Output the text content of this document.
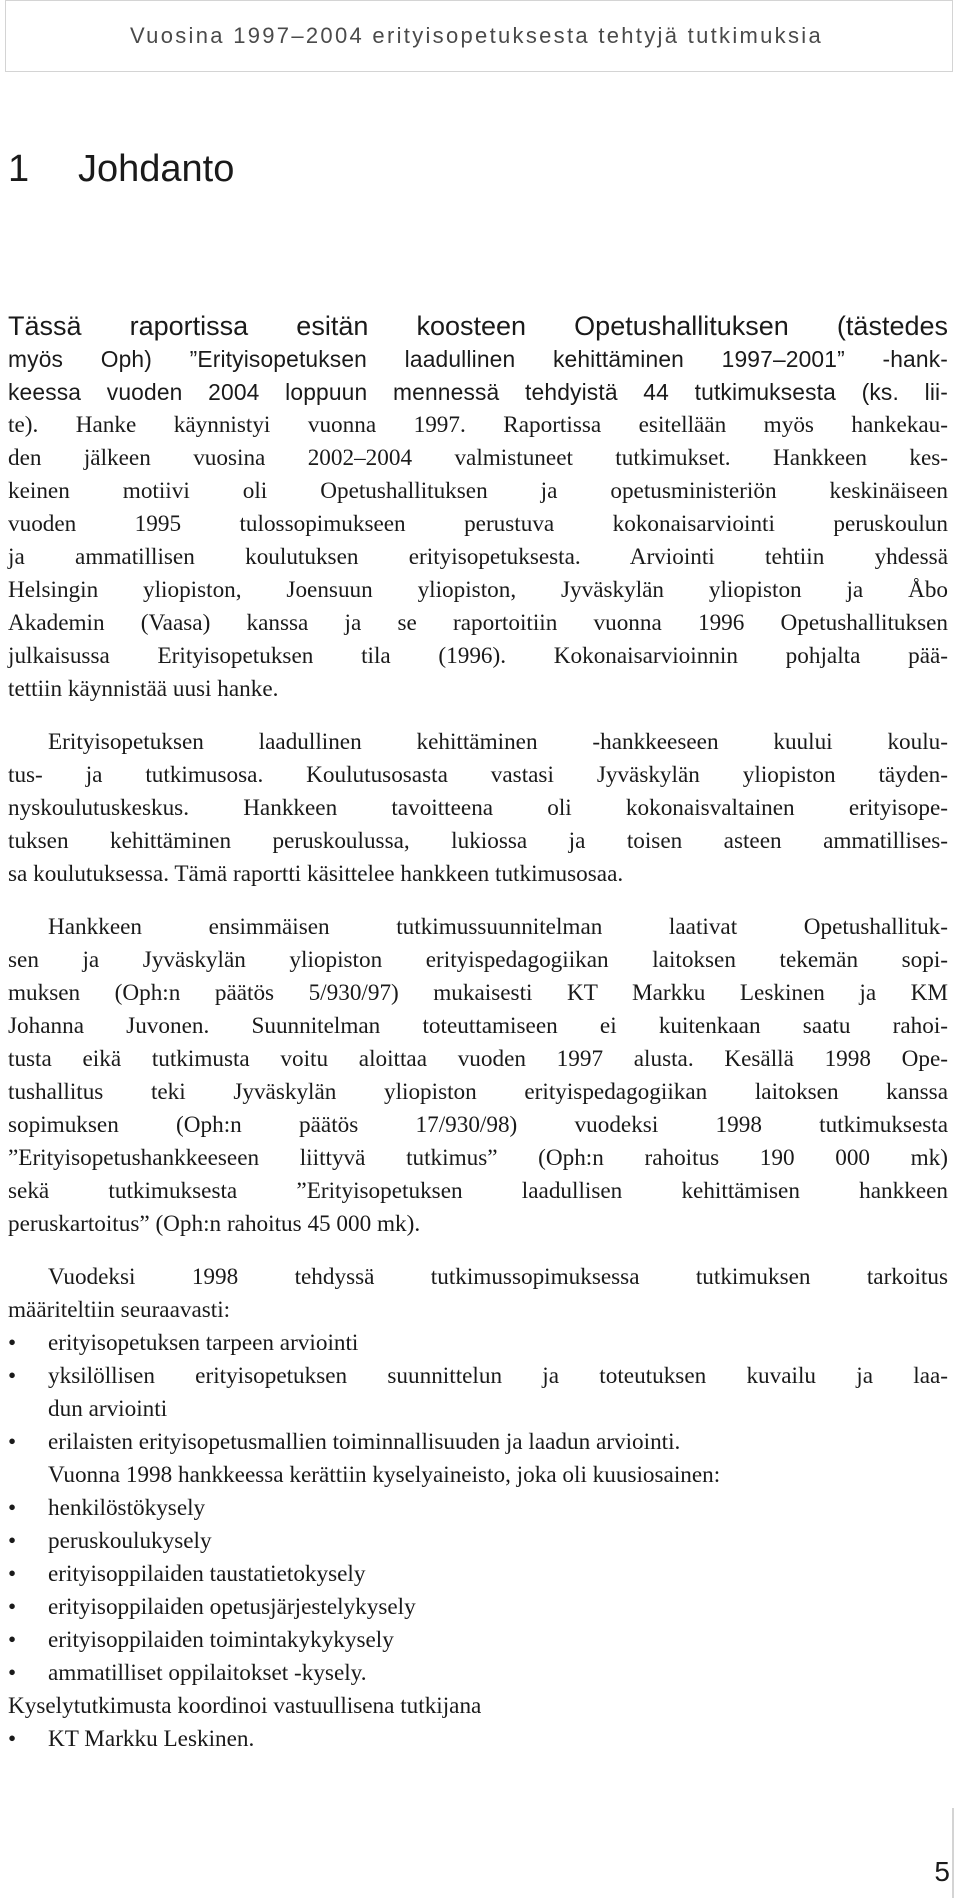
Vuosina 1997–2004 erityisopetuksesta tehtyjä tutkimuksia
1	Johdanto
Tässä raportissa esitän koosteen Opetushallituksen (tästedes
myös Oph) ”Erityisopetuksen laadullinen kehittäminen 1997–2001” -hank-
keessa vuoden 2004 loppuun mennessä tehdyistä 44 tutkimuksesta (ks. lii-
te). Hanke käynnistyi vuonna 1997. Raportissa esitellään myös hankekau-
den jälkeen vuosina 2002–2004 valmistuneet tutkimukset. Hankkeen kes-
keinen motiivi oli Opetushallituksen ja opetusministeriön keskinäiseen
vuoden 1995 tulossopimukseen perustuva kokonaisarviointi peruskoulun
ja ammatillisen koulutuksen erityisopetuksesta. Arviointi tehtiin yhdessä
Helsingin yliopiston, Joensuun yliopiston, Jyväskylän yliopiston ja Åbo
Akademin (Vaasa) kanssa ja se raportoitiin vuonna 1996 Opetushallituksen
julkaisussa Erityisopetuksen tila (1996). Kokonaisarvioinnin pohjalta pää-
tettiin käynnistää uusi hanke.
Erityisopetuksen laadullinen kehittäminen -hankkeeseen kuului koulu-
tus- ja tutkimusosa. Koulutusosasta vastasi Jyväskylän yliopiston täyden-
nyskoulutuskeskus. Hankkeen tavoitteena oli kokonaisvaltainen erityisope-
tuksen kehittäminen peruskoulussa, lukiossa ja toisen asteen ammatillises-
sa koulutuksessa. Tämä raportti käsittelee hankkeen tutkimusosaa.
Hankkeen ensimmäisen tutkimussuunnitelman laativat Opetushallituk-
sen ja Jyväskylän yliopiston erityispedagogiikan laitoksen tekemän sopi-
muksen (Oph:n päätös 5/930/97) mukaisesti KT Markku Leskinen ja KM
Johanna Juvonen. Suunnitelman toteuttamiseen ei kuitenkaan saatu rahoi-
tusta eikä tutkimusta voitu aloittaa vuoden 1997 alusta. Kesällä 1998 Ope-
tushallitus teki Jyväskylän yliopiston erityispedagogiikan laitoksen kanssa
sopimuksen (Oph:n päätös 17/930/98) vuodeksi 1998 tutkimuksesta
”Erityisopetushankkeeseen liittyvä tutkimus” (Oph:n rahoitus 190 000 mk)
sekä tutkimuksesta ”Erityisopetuksen laadullisen kehittämisen hankkeen
peruskartoitus” (Oph:n rahoitus 45 000 mk).
Vuodeksi 1998 tehdyssä tutkimussopimuksessa tutkimuksen tarkoitus
määriteltiin seuraavasti:
•	erityisopetuksen tarpeen arviointi
•	yksilöllisen erityisopetuksen suunnittelun ja toteutuksen kuvailu ja laa-
dun arviointi
•	erilaisten erityisopetusmallien toiminnallisuuden ja laadun arviointi.
Vuonna 1998 hankkeessa kerättiin kyselyaineisto, joka oli kuusiosainen:
•	henkilöstökysely
•	peruskoulukysely
•	erityisoppilaiden taustatietokysely
•	erityisoppilaiden opetusjärjestelykysely
•	erityisoppilaiden toimintakykykysely
•	ammatilliset oppilaitokset -kysely.
Kyselytutkimusta koordinoi vastuullisena tutkijana
•	KT Markku Leskinen.
5
